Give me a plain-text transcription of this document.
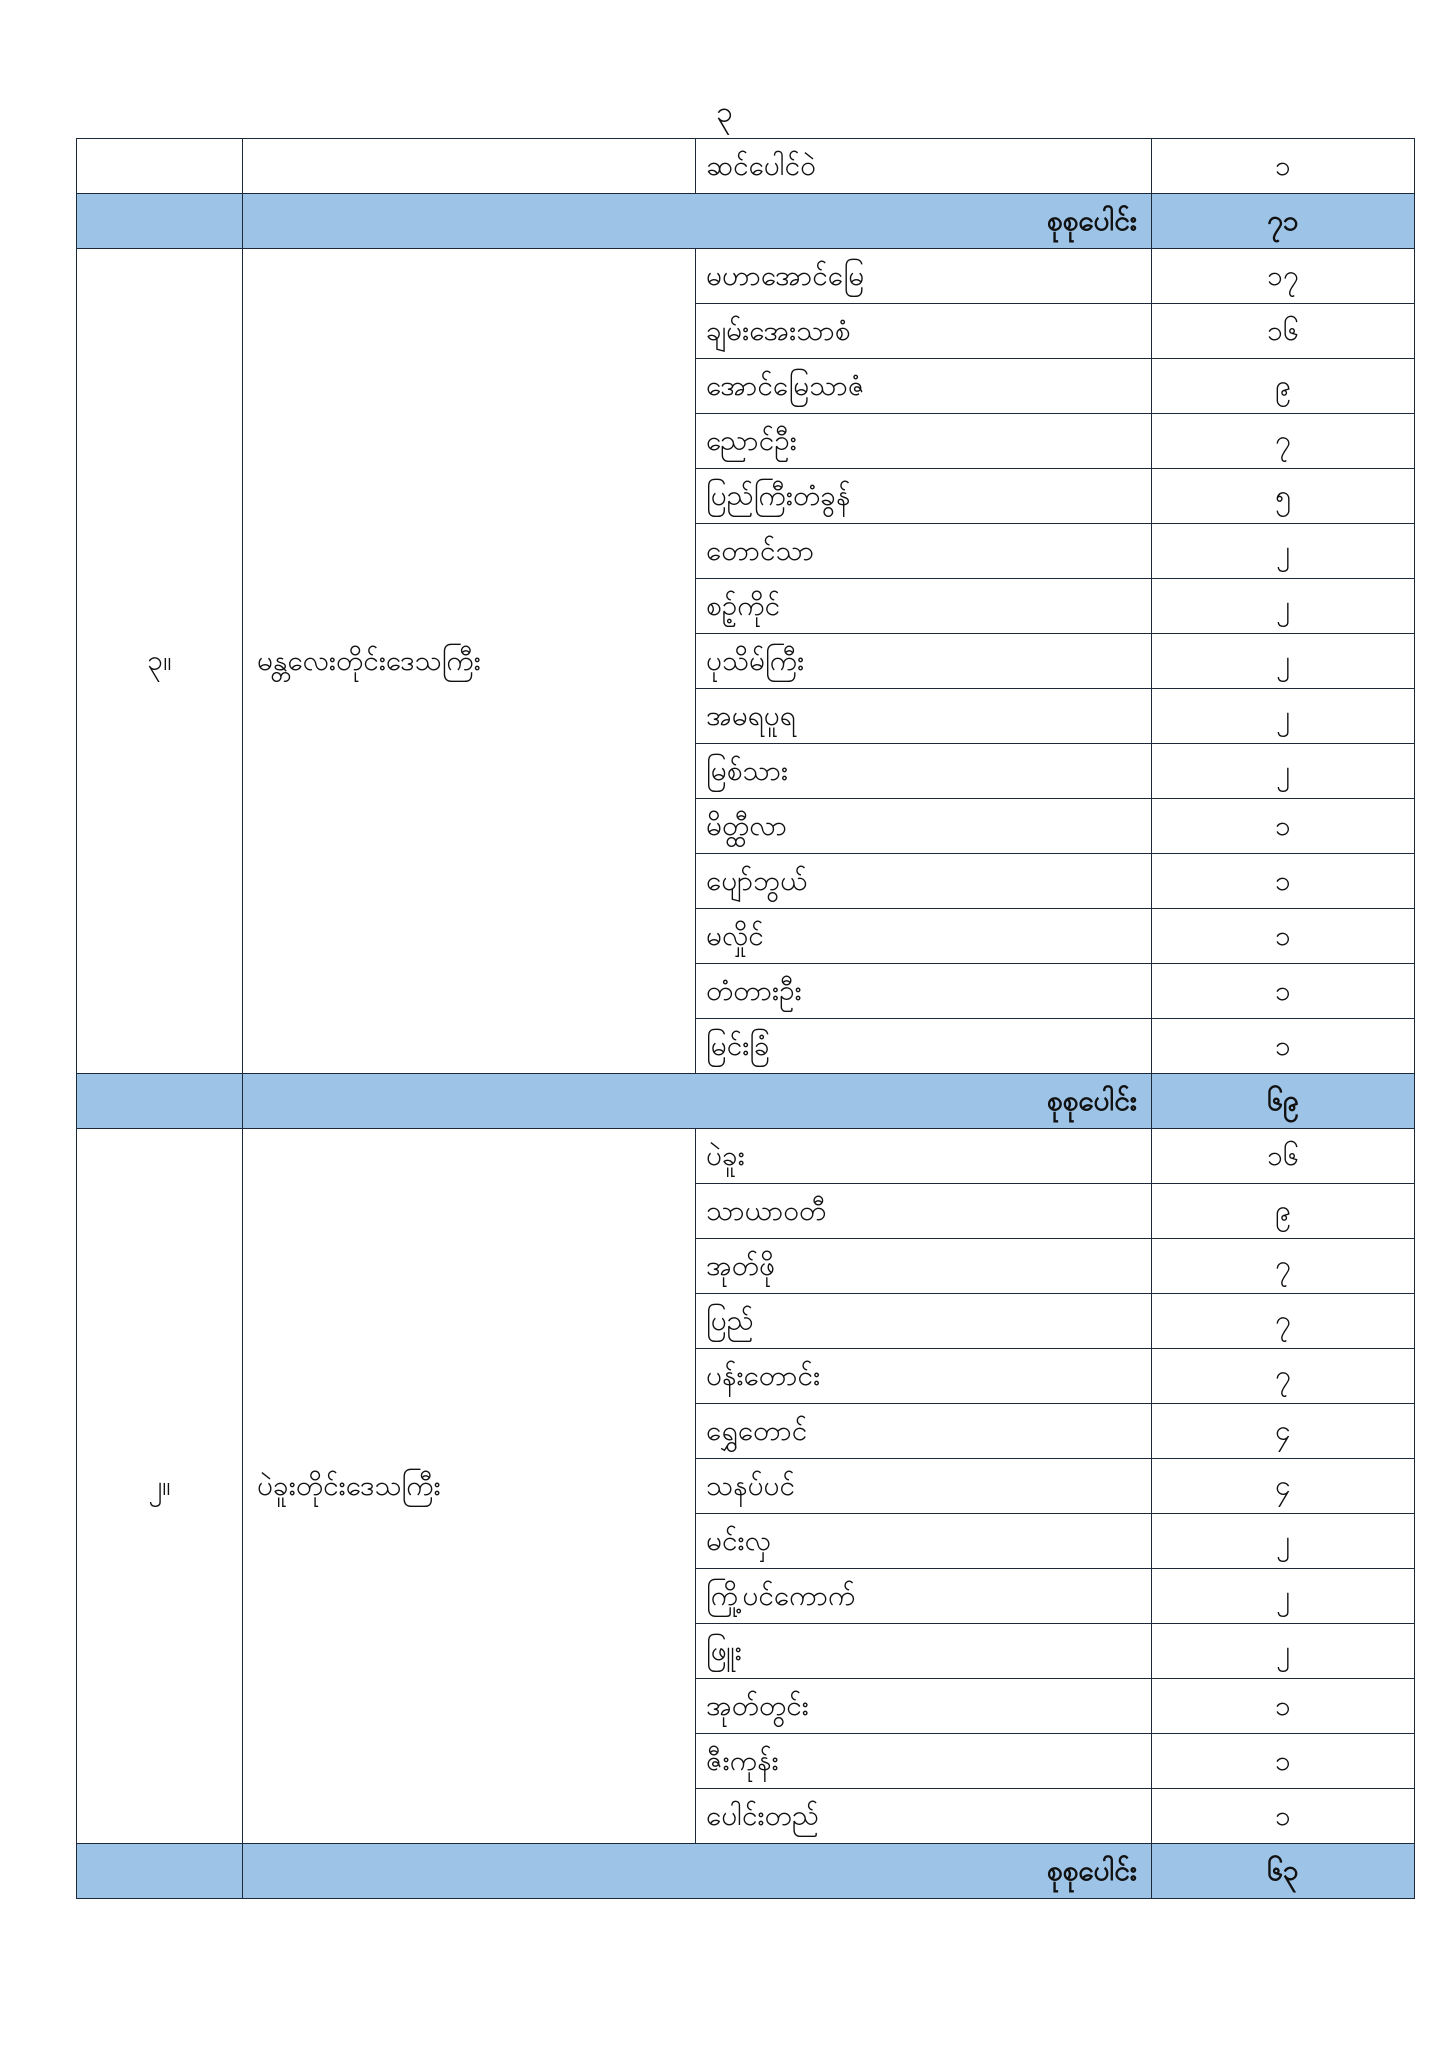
၃
		ဆင်ပေါင်ဝဲ	၁
	စုစုပေါင်း		၇၁
၃။	မန္တလေးတိုင်းဒေသကြီး	မဟာအောင်မြေ	၁၇
		ချမ်းအေးသာစံ	၁၆
		အောင်မြေသာဇံ	၉
		ညောင်ဦး	၇
		ပြည်ကြီးတံခွန်	၅
		တောင်သာ	၂
		စဉ့်ကိုင်	၂
		ပုသိမ်ကြီး	၂
		အမရပူရ	၂
		မြစ်သား	၂
		မိတ္ထီလာ	၁
		ပျော်ဘွယ်	၁
		မလှိုင်	၁
		တံတားဦး	၁
		မြင်းခြံ	၁
	စုစုပေါင်း		၆၉
၂။	ပဲခူးတိုင်းဒေသကြီး	ပဲခူး	၁၆
		သာယာဝတီ	၉
		အုတ်ဖို	၇
		ပြည်	၇
		ပန်းတောင်း	၇
		ရွှေတောင်	၄
		သနပ်ပင်	၄
		မင်းလှ	၂
		ကြို့ပင်ကောက်	၂
		ဖြူး	၂
		အုတ်တွင်း	၁
		ဇီးကုန်း	၁
		ပေါင်းတည်	၁
	စုစုပေါင်း		၆၃
